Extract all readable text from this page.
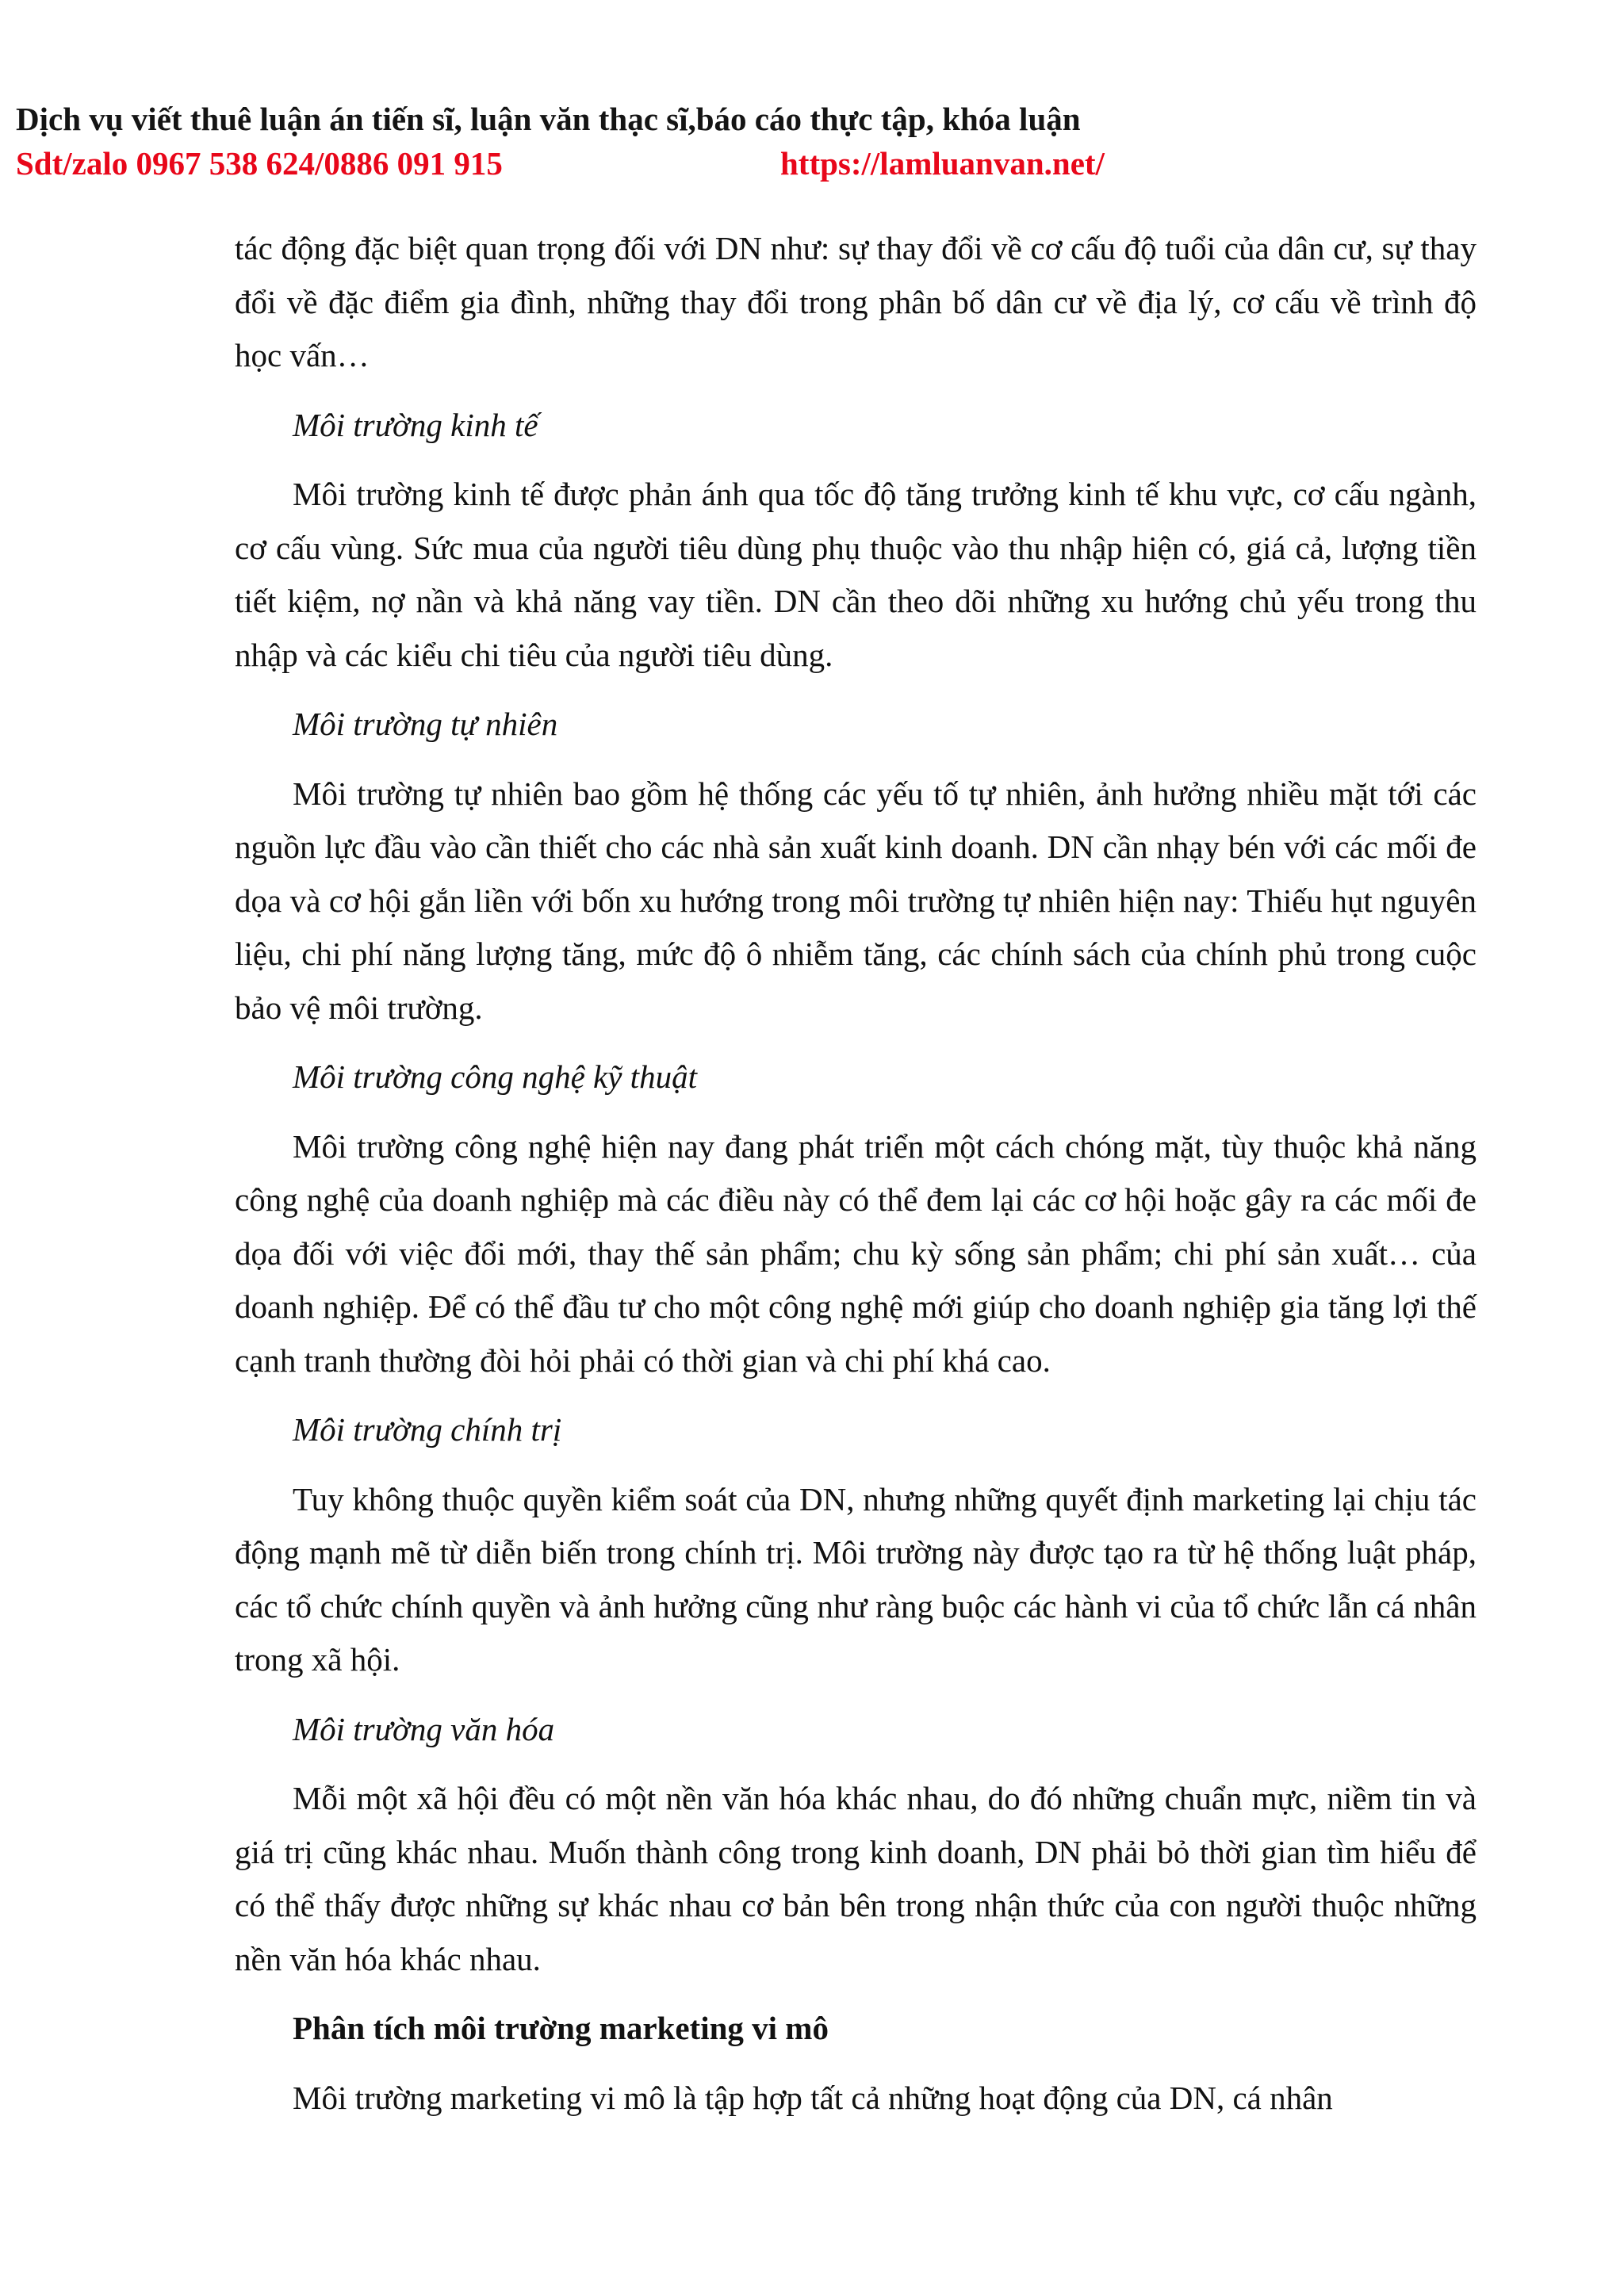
Dịch vụ viết thuê luận án tiến sĩ, luận văn thạc sĩ,báo cáo thực tập, khóa luận
Sdt/zalo 0967 538 624/0886 091 915	https://lamluanvan.net/

tác động đặc biệt quan trọng đối với DN như: sự thay đổi về cơ cấu độ tuổi của dân cư, sự thay đổi về đặc điểm gia đình, những thay đổi trong phân bố dân cư về địa lý, cơ cấu về trình độ học vấn…

Môi trường kinh tế

Môi trường kinh tế được phản ánh qua tốc độ tăng trưởng kinh tế khu vực, cơ cấu ngành, cơ cấu vùng. Sức mua của người tiêu dùng phụ thuộc vào thu nhập hiện có, giá cả, lượng tiền tiết kiệm, nợ nần và khả năng vay tiền. DN cần theo dõi những xu hướng chủ yếu trong thu nhập và các kiểu chi tiêu của người tiêu dùng.

Môi trường tự nhiên

Môi trường tự nhiên bao gồm hệ thống các yếu tố tự nhiên, ảnh hưởng nhiều mặt tới các nguồn lực đầu vào cần thiết cho các nhà sản xuất kinh doanh. DN cần nhạy bén với các mối đe dọa và cơ hội gắn liền với bốn xu hướng trong môi trường tự nhiên hiện nay: Thiếu hụt nguyên liệu, chi phí năng lượng tăng, mức độ ô nhiễm tăng, các chính sách của chính phủ trong cuộc bảo vệ môi trường.

Môi trường công nghệ kỹ thuật

Môi trường công nghệ hiện nay đang phát triển một cách chóng mặt, tùy thuộc khả năng công nghệ của doanh nghiệp mà các điều này có thể đem lại các cơ hội hoặc gây ra các mối đe dọa đối với việc đổi mới, thay thế sản phẩm; chu kỳ sống sản phẩm; chi phí sản xuất… của doanh nghiệp. Để có thể đầu tư cho một công nghệ mới giúp cho doanh nghiệp gia tăng lợi thế cạnh tranh thường đòi hỏi phải có thời gian và chi phí khá cao.

Môi trường chính trị

Tuy không thuộc quyền kiểm soát của DN, nhưng những quyết định marketing lại chịu tác động mạnh mẽ từ diễn biến trong chính trị. Môi trường này được tạo ra từ hệ thống luật pháp, các tổ chức chính quyền và ảnh hưởng cũng như ràng buộc các hành vi của tổ chức lẫn cá nhân trong xã hội.

Môi trường văn hóa

Mỗi một xã hội đều có một nền văn hóa khác nhau, do đó những chuẩn mực, niềm tin và giá trị cũng khác nhau. Muốn thành công trong kinh doanh, DN phải bỏ thời gian tìm hiểu để có thể thấy được những sự khác nhau cơ bản bên trong nhận thức của con người thuộc những nền văn hóa khác nhau.

Phân tích môi trường marketing vi mô

Môi trường marketing vi mô là tập hợp tất cả những hoạt động của DN, cá nhân
